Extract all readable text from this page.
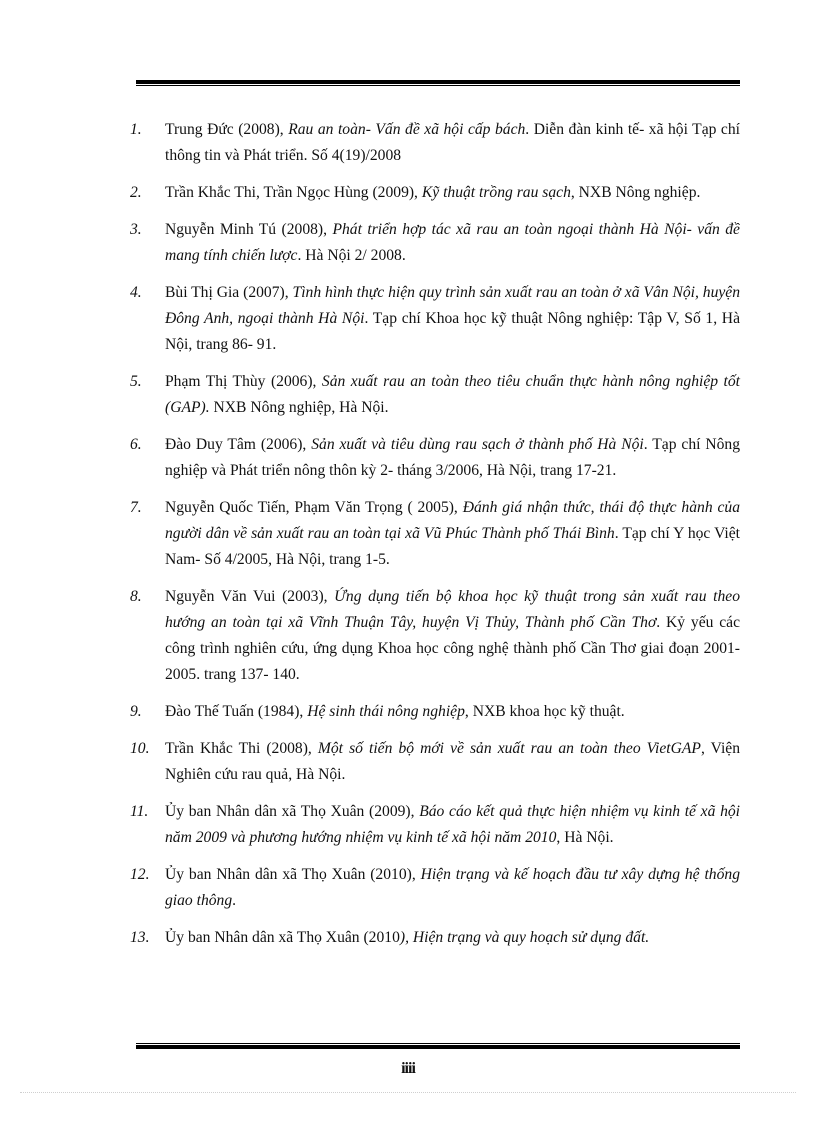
1. Trung Đức (2008), Rau an toàn- Vấn đề xã hội cấp bách. Diễn đàn kinh tế- xã hội Tạp chí thông tin và Phát triển. Số 4(19)/2008
2. Trần Khắc Thi, Trần Ngọc Hùng (2009), Kỹ thuật trồng rau sạch, NXB Nông nghiệp.
3. Nguyễn Minh Tú (2008), Phát triển hợp tác xã rau an toàn ngoại thành Hà Nội- vấn đề mang tính chiến lược. Hà Nội 2/ 2008.
4. Bùi Thị Gia (2007), Tình hình thực hiện quy trình sản xuất rau an toàn ở xã Vân Nội, huyện Đông Anh, ngoại thành Hà Nội. Tạp chí Khoa học kỹ thuật Nông nghiệp: Tập V, Số 1, Hà Nội, trang 86- 91.
5. Phạm Thị Thùy (2006), Sản xuất rau an toàn theo tiêu chuẩn thực hành nông nghiệp tốt (GAP). NXB Nông nghiệp, Hà Nội.
6. Đào Duy Tâm (2006), Sản xuất và tiêu dùng rau sạch ở thành phố Hà Nội. Tạp chí Nông nghiệp và Phát triển nông thôn kỳ 2- tháng 3/2006, Hà Nội, trang 17-21.
7. Nguyễn Quốc Tiến, Phạm Văn Trọng ( 2005), Đánh giá nhận thức, thái độ thực hành của người dân về sản xuất rau an toàn tại xã Vũ Phúc Thành phố Thái Bình. Tạp chí Y học Việt Nam- Số 4/2005, Hà Nội, trang 1-5.
8. Nguyễn Văn Vui (2003), Ứng dụng tiến bộ khoa học kỹ thuật trong sản xuất rau theo hướng an toàn tại xã Vĩnh Thuận Tây, huyện Vị Thủy, Thành phố Cần Thơ. Kỷ yếu các công trình nghiên cứu, ứng dụng Khoa học công nghệ thành phố Cần Thơ giai đoạn 2001- 2005. trang 137- 140.
9. Đào Thế Tuấn (1984), Hệ sinh thái nông nghiệp, NXB khoa học kỹ thuật.
10. Trần Khắc Thi (2008), Một số tiến bộ mới về sản xuất rau an toàn theo VietGAP, Viện Nghiên cứu rau quả, Hà Nội.
11. Ủy ban Nhân dân xã Thọ Xuân (2009), Báo cáo kết quả thực hiện nhiệm vụ kinh tế xã hội năm 2009 và phương hướng nhiệm vụ kinh tế xã hội năm 2010, Hà Nội.
12. Ủy ban Nhân dân xã Thọ Xuân (2010), Hiện trạng và kế hoạch đầu tư xây dựng hệ thống giao thông.
13. Ủy ban Nhân dân xã Thọ Xuân (2010), Hiện trạng và quy hoạch sử dụng đất.
iiii
